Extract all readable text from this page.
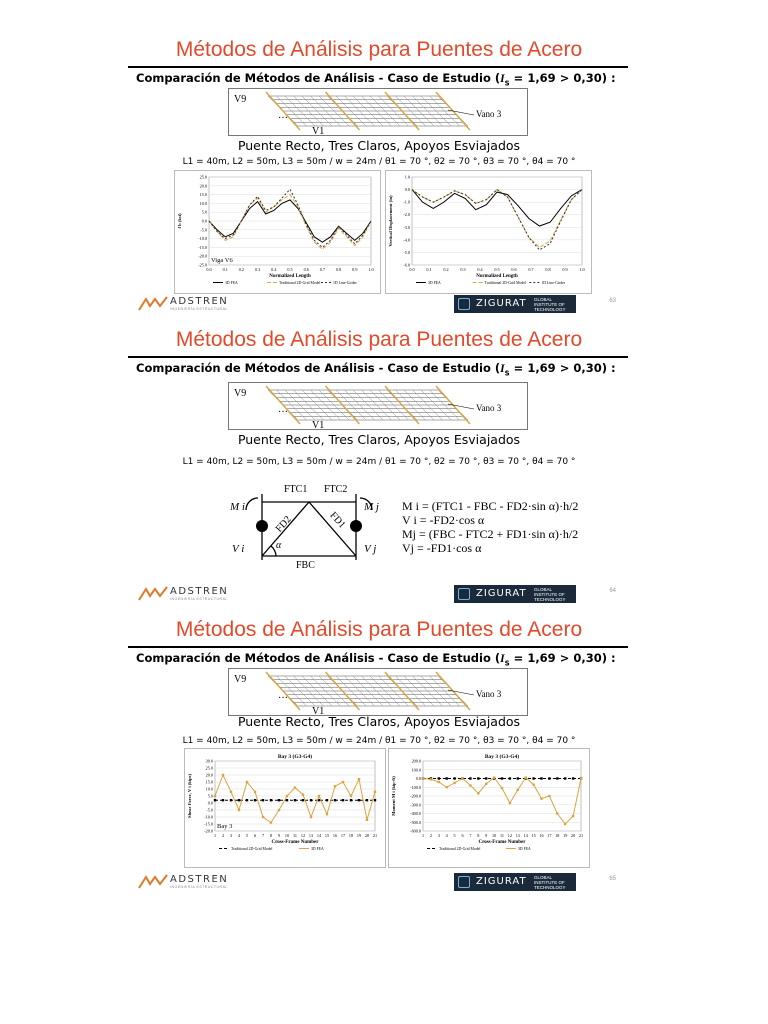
Métodos de Análisis para Puentes de Acero
Comparación de Métodos de Análisis - Caso de Estudio $(I_S = 1,69 > 0,30)$ :
V9
V1
…	Vano 3
Puente Recto, Tres Claros, Apoyos Esviajados
L1 = 40m, L2 = 50m, L3 = 50m / w = 24m / θ1 = 70 °, θ2 = 70 °, θ3 = 70 °, θ4 = 70 °
25.0
20.0
15.0
10.0
5.0
0.0
-5.0
-10.0
-15.0
-20.0
-25.0
0.0	0.1	0.2	0.3	0.4	0.5	0.6	0.7	0.8	0.9	1.0
Normalized Length
f b (ksi)
3D FEA	Traditional 2D-Grid Model	1D Line-Girder
Viga V6
1.0
0.0
-1.0
-2.0
-3.0
-4.0
-5.0
-6.0
0.0	0.1	0.2	0.3	0.4	0.5	0.6	0.7	0.8	0.9	1.0
Normalized Length
Vertical Displacement (in)
3D FEA	Traditional 2D-Grid Model	1D Line-Girder
ADSTREN
INGENIERÍA ESTRUCTURAL	ZIGURAT GLOBAL INSTITUTE OF TECHNOLOGY
63
Métodos de Análisis para Puentes de Acero
Comparación de Métodos de Análisis - Caso de Estudio $(I_S = 1,69 > 0,30)$ :
V9
V1
…	Vano 3
Puente Recto, Tres Claros, Apoyos Esviajados
L1 = 40m, L2 = 50m, L3 = 50m / w = 24m / θ1 = 70 °, θ2 = 70 °, θ3 = 70 °, θ4 = 70 °
FTC1 FTC2
FD2	FD1
FBC
M i	M j
V i	V j
α
M i = (FTC1 - FBC - FD2·sin α)·h/2
V i = -FD2·cos α
Mj = (FBC - FTC2 + FD1·sin α)·h/2
Vj = -FD1·cos α
ADSTREN
INGENIERÍA ESTRUCTURAL	ZIGURAT GLOBAL INSTITUTE OF TECHNOLOGY
64
Métodos de Análisis para Puentes de Acero
Comparación de Métodos de Análisis - Caso de Estudio $(I_S = 1,69 > 0,30)$ :
V9
V1
…	Vano 3
Puente Recto, Tres Claros, Apoyos Esviajados
L1 = 40m, L2 = 50m, L3 = 50m / w = 24m / θ1 = 70 °, θ2 = 70 °, θ3 = 70 °, θ4 = 70 °
30.0
25.0
20.0
15.0
10.0
5.0
0.0
-5.0
-10.0
-15.0
-20.0
1 2 3 4 5 6 7 8 9 10 11 12 13 14 15 16 17 18 19 20 21
Cross-Frame Number
Shear Force, V i (kips)
Bay 3 (G3-G4)
Traditional 2D-Grid Model	3D FEA
Bay 3
200.0
100.0
0.0
-100.0
-200.0
-300.0
-400.0
-500.0
-600.0
1 2 3 4 5 6 7 8 9 10 11 12 13 14 15 16 17 18 19 20 21
Cross-Frame Number
Moment M i (kip-ft)
Bay 3 (G3-G4)
Traditional 2D-Grid Model	3D FEA
ADSTREN
INGENIERÍA ESTRUCTURAL	ZIGURAT GLOBAL INSTITUTE OF TECHNOLOGY
65
